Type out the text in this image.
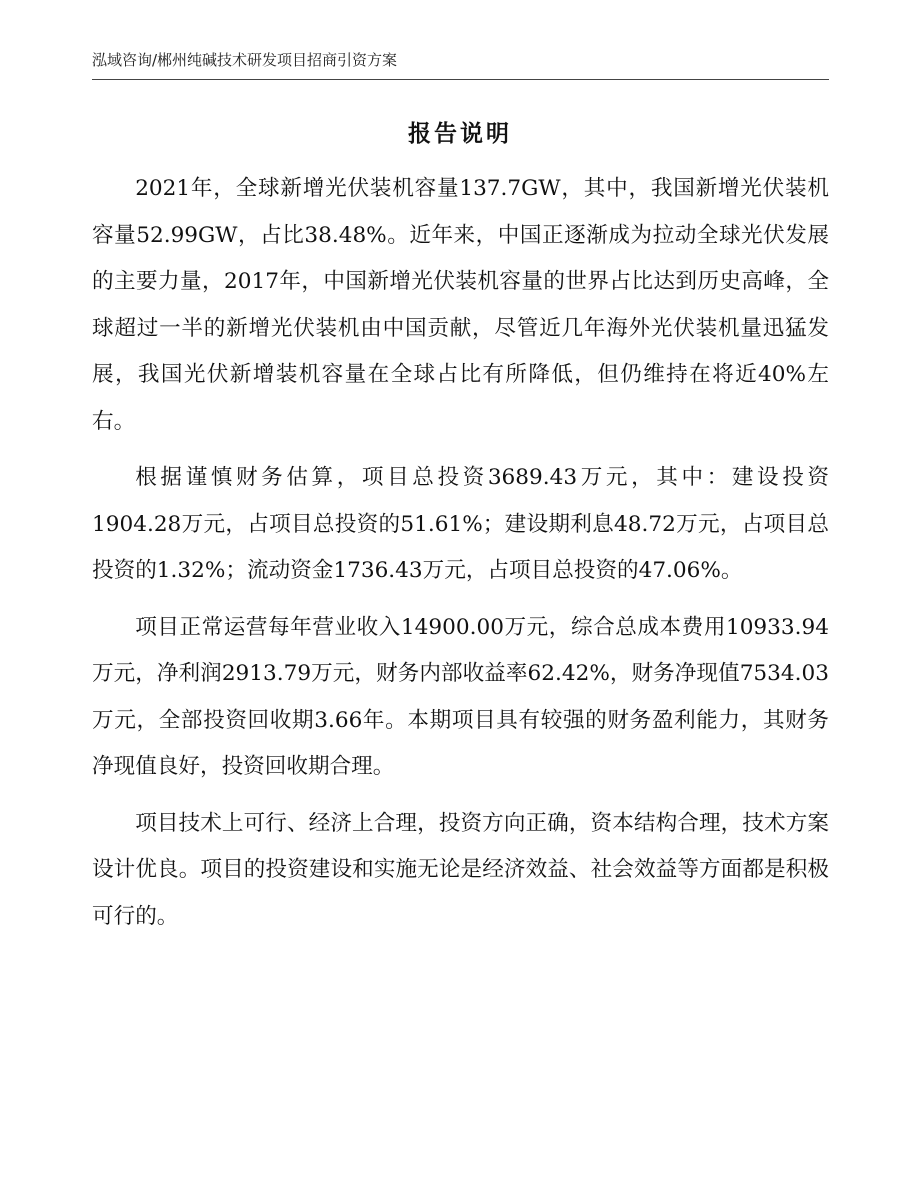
泓域咨询/郴州纯碱技术研发项目招商引资方案
报告说明

2021年，全球新增光伏装机容量137.7GW，其中，我国新增光伏装机容量52.99GW，占比38.48%。近年来，中国正逐渐成为拉动全球光伏发展的主要力量，2017年，中国新增光伏装机容量的世界占比达到历史高峰，全球超过一半的新增光伏装机由中国贡献，尽管近几年海外光伏装机量迅猛发展，我国光伏新增装机容量在全球占比有所降低，但仍维持在将近40%左右。

根据谨慎财务估算，项目总投资3689.43万元，其中：建设投资1904.28万元，占项目总投资的51.61%；建设期利息48.72万元，占项目总投资的1.32%；流动资金1736.43万元，占项目总投资的47.06%。

项目正常运营每年营业收入14900.00万元，综合总成本费用10933.94万元，净利润2913.79万元，财务内部收益率62.42%，财务净现值7534.03万元，全部投资回收期3.66年。本期项目具有较强的财务盈利能力，其财务净现值良好，投资回收期合理。

项目技术上可行、经济上合理，投资方向正确，资本结构合理，技术方案设计优良。项目的投资建设和实施无论是经济效益、社会效益等方面都是积极可行的。
